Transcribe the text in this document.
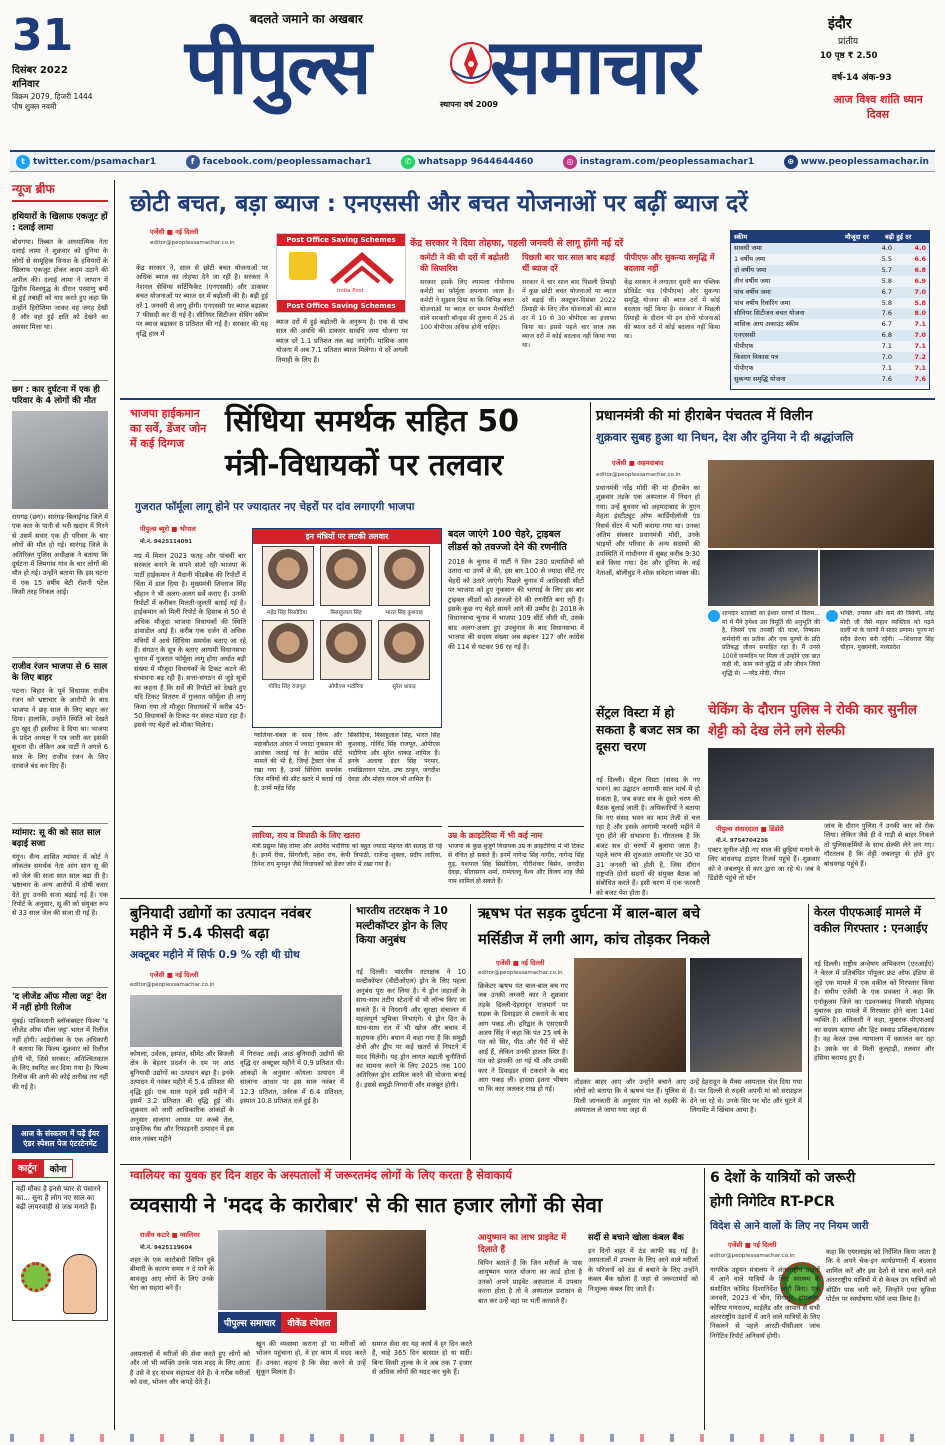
31
दिसंबर 2022
शनिवार
विक्रम 2079, हिजरी 1444
पौष शुक्ल नवमी
बदलते जमाने का अखबार
पीपुल्स समाचार
स्थापना वर्ष 2009
इंदौर
प्रांतीय
10 पृष्ठ ₹ 2.50
वर्ष-14 अंक-93
आज विश्व शांति ध्यान दिवस
t twitter.com/psamachar1	f facebook.com/peoplessamachar1	✆ whatsapp 9644644460	◎ instagram.com/peoplessamachar1	⊕ www.peoplessamachar.in
न्यूज ब्रीफ
हथियारों के खिलाफ एकजुट हों : दलाई लामा
बोधगया। तिब्बत के आध्यात्मिक नेता दलाई लामा ने शुक्रवार को दुनिया के लोगों से सामूहिक विनाश के हथियारों के खिलाफ एकजुट होकर कदम उठाने की अपील की। दलाई लामा ने जापान में द्वितीय विश्वयुद्ध के दौरान परमाणु बमों से हुई तबाही को याद करते हुए कहा कि उन्होंने हिरोशिमा जाकर वह जगह देखी है और वहां हुई क्षति को देखने का अवसर मिला था।
छग : कार दुर्घटना में एक ही परिवार के 4 लोगों की मौत
रायगढ़ (छग)। सारंगढ़-बिलाईगढ़ जिले में एक कार के पानी से भरी खदान में गिरने से उसमें सवार एक ही परिवार के चार लोगों की मौत हो गई। सारंगढ़ जिले के अतिरिक्त पुलिस अधीक्षक ने बताया कि दुर्घटना में लिमगांव गांव के चार लोगों की मौत हो गई। उन्होंने बताया कि इस घटना में एक 15 वर्षीय बेटी रोशनी पटेल किसी तरह निकल आई।
राजीव रंजन भाजपा से 6 साल के लिए बाहर
पटना। बिहार के पूर्व विधायक राजीव रंजन को भ्रष्टाचार के आरोपों के बाद भाजपा ने छह साल के लिए बाहर कर दिया। हालांकि, उन्होंने स्थिति को देखते हुए खुद ही इस्तीफा दे दिया था। भाजपा के प्रदेश अध्यक्ष ने पत्र जारी कर इसकी सूचना दी। लेकिन अब पार्टी ने अगले 6 साल के लिए राजीव रंजन के लिए दरवाजे बंद कर दिए हैं।
म्यांमार: सू की को सात साल बढ़ाई सजा
यंगून। सैन्य शासित म्यांमार में कोर्ट ने लोकतंत्र समर्थक नेता आंग सान सू की को जेल की सजा सात साल बढ़ा दी है। भ्रष्टाचार के अन्य आरोपों में दोषी करार देते हुए उनकी सजा बढ़ाई गई है। एक रिपोर्ट के अनुसार, सू की को संयुक्त रूप से 33 साल जेल की सजा दी गई है।
'द लीजेंड ऑफ मौला जट्ट' देश में नहीं होगी रिलीज
मुंबई। पाकिस्तानी ब्लॉकबस्टर फिल्म 'द लीजेंड ऑफ मौला जट्ट' भारत में रिलीज नहीं होगी। आईनॉक्स के एक अधिकारी ने बताया कि फिल्म शुक्रवार को रिलीज होनी थी, जिसे सरकार: अनिश्चितकाल के लिए स्थगित कर दिया गया है। फिल्म रिलीज की आगे की कोई तारीख तय नहीं की गई है।
आज के संस्करण में पढ़ें ईयर एंडर स्पेशल पेज एंटरटेनमेंट
कार्टून	कोना
वहीं मौका है इनसे प्यार से पसारने का... सुना है लोग नए साल का बढ़ी लापरवाही से जश्न मनाते हैं।
छोटी बचत, बड़ा ब्याज : एनएससी और बचत योजनाओं पर बढ़ीं ब्याज दरें
एजेंसी ■ नई दिल्ली
editor@peoplessamachar.co.in	Post Office Saving Schemes
India Post
Post Office Saving Schemes
केंद्र सरकार ने दिया तोहफा, पहली जनवरी से लागू होंगी नई दरें
केंद्र सरकार ने, साल से छोटी बचत योजनाओं पर अधिक ब्याज का तोहफा देने जा रही है। सरकार ने नेशनल सेविंग्स सर्टिफिकेट (एनएससी) और डाकघर बचत योजनाओं पर ब्याज दर में बढ़ोतरी की है। बढ़ी हुई दरें 1 जनवरी से लागू होंगी। एनएससी पर ब्याज बढ़ाकर 7 फीसदी कर दी गई है। सीनियर सिटीजन सेविंग स्कीम पर ब्याज बढ़ाकर 8 प्रतिशत की गई है। सरकार की यह वृद्धि हाल में
ब्याज दरों में हुई बढ़ोतरी के अनुरूप है। एक से पांच साल की अवधि की डाकघर सावधि जमा योजना पर ब्याज दरें 1.1 प्रतिशत तक बढ़ जाएंगी। मासिक आय योजना में अब 7.1 प्रतिशत ब्याज मिलेगा। ये दरें अगली तिमाही के लिए हैं।
कमेटी ने की थी दरों में बढ़ोतरी की सिफारिश
सरकार इसके लिए श्यामला गोपीनाथ कमेटी का फॉर्मूला अपनाया जाता है। कमेटी ने सुझाव दिया था कि विभिन्न बचत योजनाओं पर ब्याज दर समान मैच्योरिटी वाले सरकारी बॉन्ड्स की तुलना में 25 से 100 बीपीएस अधिक होनी चाहिए।
पिछली बार चार साल बाद बढ़ाई थीं ब्याज दरें
सरकार ने चार साल बाद पिछली तिमाही में कुछ छोटी बचत योजनाओं पर ब्याज दरें बढ़ाई थीं। अक्टूबर-दिसंबर 2022 तिमाही के लिए तीन योजनाओं की ब्याज दर में 10 से 30 बीपीएस का इजाफा किया था। इससे पहले चार साल तक ब्याज दरों में कोई बदलाव नहीं किया गया था।
पीपीएफ और सुकन्या समृद्धि में बदलाव नहीं
केंद्र सरकार ने लगातार दूसरी बार पब्लिक प्रोविडेंट फंड (पीपीएफ) और सुकन्या समृद्धि योजना की ब्याज दरों में कोई बदलाव नहीं किया है। सरकार ने पिछली तिमाही के दौरान भी इन दोनों योजनाओं की ब्याज दरों में कोई बदलाव नहीं किया था।
स्कीम	मौजूदा दर	बढ़ी हुई दर
सावधी जमा	4.0	4.0
1 वर्षीय जमा	5.5	6.6
दो वर्षीय जमा	5.7	6.8
तीन वर्षीय जमा	5.8	6.9
पांच वर्षीय जमा	6.7	7.0
पांच वर्षीय रिकरिंग जमा	5.8	5.8
सीनियर सिटीजन बचत योजना	7.6	8.0
मासिक आय अकाउंट स्कीम	6.7	7.1
एनएससी	6.8	7.0
पीपीएफ	7.1	7.1
किसान विकास पत्र	7.0	7.2
पीपीएफ	7.1	7.1
सुकन्या समृद्धि योजना	7.6	7.6
भाजपा हाईकमान का सर्वे, डेंजर जोन में कई दिग्गज
सिंधिया समर्थक सहित 50
मंत्री-विधायकों पर तलवार
गुजरात फॉर्मूला लागू होने पर ज्यादातर नए चेहरों पर दांव लगाएगी भाजपा
पीपुल्स ब्यूरो ■ भोपाल
मो.नं. 9425114091
मप्र में मिशन 2023 फतह और पांचवीं बार सरकार बनाने के सपने संजो रही भाजपा के पार्टी हाईकमान ने मैदानी फीडबैक की रिपोर्टों में चिंता में डाल दिया है। मुख्यमंत्री शिवराज सिंह चौहान ने भी अलग-अलग सर्वे कराए हैं। उनकी रिपोर्टों में करीबन मिलती-जुलती बताई गई है। हाईकमान को मिली रिपोर्ट के हिसाब से 50 से अधिक मौजूदा भाजपा विधायकों की स्थिति डांवाडोल आई है। करीब एक दर्जन से अधिक मंत्रियों में आधे सिंधिया समर्थक बताए जा रहे हैं। संगठन के सूत्र के बताए आगामी विधानसभा चुनाव में गुजरात फॉर्मूला लागू होगा अर्थात बड़ी संख्या में मौजूदा विधायकों के टिकट कटने की संभावना बढ़ रही है। सत्ता-संगठन से जुड़े सूत्रों का कहना है कि सर्वे की रिपोर्टों को देखते हुए यदि टिकट वितरण में गुजरात फॉर्मूला ही लागू किया गया तो मौजूदा विधायकों में करीब 45-50 विधायकों के टिकट पर संकट मंडरा रहा है। इससे नए चेहरों को मौका मिलेगा।
इन मंत्रियों पर लटकी तलवार
महेंद्र सिंह सिसोदिया	बिसाहूलाल सिंह	भारत सिंह कुशवाह
ओपीएस भदौरिया
गोविंद सिंह राजपूत	सुरेश धाकड़
ग्वालियर-चंबल के साथ विंध्य और महाकौशल अंचल में ज्यादा नुकसान की आशंका जताई गई है। कांग्रेस सीटें मामले की भी है, जिन्हें ट्रैक्टर चेक में रखा गया है, उनमें सिंधिया समर्थक जिन मंत्रियों की सीट खतरे में बताई गई है, उनमें महेंद्र सिंह
सिसोदिया, बिसाहूलाल सिंह, भारत सिंह कुशवाह, गोविंद सिंह राजपूत, ओपीएस भदौरिया और सुरेश धाकड़ शामिल हैं। इनके अलावा इंदर सिंह परमार, रामखिलावन पटेल, उषा ठाकुर, जगदीश देवड़ा और मोहन यादव भी शामिल हैं।
बदल जाएंगे 100 चेहरे, ट्राइबल लीडर्स को तवज्जो देने की रणनीति
2018 के चुनाव में पार्टी ने जिन 230 प्रत्याशियों को उतारा था उनमें से की, इस बार 100 से ज्यादा सीटें नए चेहरों को उतारे जाएंगे। पिछले चुनाव में आदिवासी सीटों पर भाजपा को हुए नुकसान की भरपाई के लिए इस बार ट्राइबल लीडरों को तवज्जो देने की रणनीति बना रही है। इसके कुछ नए चेहरे सामने आने की उम्मीद है। 2018 के विधानसभा चुनाव में भाजपा 109 सीटें जीती थी, उसके बाद अलग-अलग हुए उपचुनाव के बाद विधानसभा में भाजपा की सदस्य संख्या अब बढ़कर 127 और कांग्रेस की 114 से घटकर 96 रह गई है।
लारिया, राय व त्रिपाठी के लिए खतरा
मंत्री प्रद्युम्न सिंह तोमर और अरविंद भदौरिया को बहुत ज्यादा मेहनत की सलाह दी गई है। इनमें रीवा, सिंगरौली, महेश राय, केपी त्रिपाठी, राजेन्द्र शुक्ला, प्रदीप लारिया, दिनेश राय मुनमुन जैसे विधायकों को डेंजर जोन में रखा गया है।
उम्र के क्राइटेरिया में भी कई नाम
भाजपा के कुछ बुजुर्ग विधायक उम्र के क्राइटेरिया में भी टिकट से वंचित हो सकते हैं। इनमें नागेन्द्र सिंह नागौद, नागेन्द्र सिंह गुढ़, यशपाल सिंह सिसोदिया, गौरीशंकर बिसेन, जगदीश देवड़ा, सीतासरन शर्मा, रामलल्लू वैश्य और विजय शाह जैसे नाम शामिल हो सकते हैं।
प्रधानमंत्री की मां हीराबेन पंचतत्व में विलीन
शुक्रवार सुबह हुआ था निधन, देश और दुनिया ने दी श्रद्धांजलि
एजेंसी ■ अहमदाबाद
editor@peoplessamachar.co.in
प्रधानमंत्री नरेंद्र मोदी की मां हीराबेन का शुक्रवार तड़के एक अस्पताल में निधन हो गया। उन्हें बुधवार को अहमदाबाद के यूएन मेहता इंस्टीट्यूट ऑफ कार्डियोलॉजी एंड रिसर्च सेंटर में भर्ती कराया गया था। उनका अंतिम संस्कार प्रधानमंत्री मोदी, उनके भाइयों और परिवार के अन्य सदस्यों की उपस्थिति में गांधीनगर में सुबह करीब 9:30 बजे किया गया। देश और दुनिया के कई नेताओं, बॉलीवुड ने शोक संवेदना व्यक्त की।
शानदार शताब्दी का ईश्वर चरणों में विराम... मां में मैंने हमेशा उस त्रिमूर्ति की अनुभूति की है, जिसमें एक तपस्वी की यात्रा, निष्काम कर्मयोगी का प्रतीक और एक मूल्यों के प्रति प्रतिबद्ध जीवन समाहित रहा है। मैं उनसे 100वें जन्मदिन पर मिला तो उन्होंने एक बात कही थी, काम करो बुद्धि से और जीवन जियो शुद्धि से। —नरेंद्र मोदी, पीएम
भक्ति, तपस्या और कर्म की त्रिवेणी, नरेंद्र मोदी जी जैसे महान व्यक्तित्व को गढ़ने वाली मां के चरणों में सादर प्रणाम। पूज्य मां सदैव प्रेरणा बनी रहेंगी। —शिवराज सिंह चौहान, मुख्यमंत्री, मध्यप्रदेश
सेंट्रल विस्टा में हो सकता है बजट सत्र का दूसरा चरण
नई दिल्ली। सेंट्रल विस्टा (संसद के नए भवन) का उद्घाटन आगामी साल मार्च में हो सकता है, जब बजट सत्र के दूसरे चरण की बैठक बुलाई जाती है। अधिकारियों ने बताया कि नए संसद भवन का काम तेजी से चल रहा है और इसके आगामी फरवरी महीने में पूरा होने की संभावना है। गौरतलब है कि बजट सत्र दो चरणों में बुलाया जाता है। पहले चरण की शुरुआत आमतौर पर 30 या 31 जनवरी को होती है, जिस दौरान राष्ट्रपति दोनों सदनों की संयुक्त बैठक को संबोधित करते हैं। इसी चरण में एक फरवरी को बजट पेश होता है।
चेकिंग के दौरान पुलिस ने रोकी कार सुनील शेट्टी को देख लेने लगे सेल्फी
पीपुल्स संवाददाता ■ डिंडोरी
मो.नं. 9754704236
एक्टर सुनील शेट्टी नए साल की छुट्टियां मनाने के लिए बांधवगढ़ टाइगर रिजर्व पहुंचे हैं। शुक्रवार को वे जबलपुर से कार द्वारा जा रहे थे। जब वे डिंडोरी पहुंचे तो स्टेंन
जांच के दौरान पुलिस ने उनकी कार को रोक लिया। लेकिन जैसे ही वे गाड़ी से बाहर निकले तो पुलिसकर्मियों के साथ सेल्फी लेने लग गए। गौरतलब है कि शेट्टी जबलपुर से होते हुए बांधवगढ़ पहुंचे हैं।
बुनियादी उद्योगों का उत्पादन नवंबर महीने में 5.4 फीसदी बढ़ा
अक्टूबर महीने में सिर्फ 0.9 % रही थी ग्रोथ
एजेंसी ■ नई दिल्ली
editor@peoplessamachar.co.in
कोयला, उर्वरक, इस्पात, सीमेंट और बिजली क्षेत्र के बेहतर प्रदर्शन के दम पर आठ बुनियादी उद्योगों का उत्पादन बढ़ा है। इनके उत्पादन में नवंबर महीने में 5.4 प्रतिशत की वृद्धि हुई। एक साल पहले इसी महीने में इसमें 3.2 प्रतिशत की वृद्धि हुई थी। शुक्रवार को जारी आधिकारिक आंकड़ों के अनुसार सालाना आधार पर कच्चे तेल, प्राकृतिक गैस और रिफाइनरी उत्पादन में इस साल नवंबर महीने
में गिरावट आई। आठ बुनियादी उद्योगों की वृद्धि दर अक्टूबर महीने में 0.9 प्रतिशत थी। आंकड़ों के अनुसार कोयला उत्पादन में सालाना आधार पर इस साल नवंबर में 12.3 प्रतिशत, उर्वरक में 6.4 प्रतिशत, इस्पात 10.8 प्रतिशत दर्ज हुई है।
भारतीय तटरक्षक ने 10 मल्टीकॉप्टर ड्रोन के लिए किया अनुबंध
नई दिल्ली। भारतीय तटरक्षक ने 10 मल्टीकॉप्टर (वीटीओएल) ड्रोन के लिए पहला अनुबंध पूरा कर लिया है। ये ड्रोन जहाजों के साथ-साथ तटीय स्टेशनों से भी लॉन्च किए जा सकते हैं। ये निगरानी और सुरक्षा संचालन में महत्वपूर्ण भूमिका निभाएंगे। ये ड्रोन दिन के साथ-साथ रात में भी खोज और बचाव में सहायक होंगे। बयान में कहा गया है कि समुद्री क्षेत्रों और द्वीप पर कई खतरों से निपटने में मदद मिलेगी। यह ड्रोन लागत बढ़ाती चुनौतियों का सामना करने के लिए 2025 तक 100 अतिरिक्त ड्रोन शामिल करने की योजना बनाई है। इससे समुद्री निगरानी और मजबूत होगी।
ऋषभ पंत सड़क दुर्घटना में बाल-बाल बचे
मर्सिडीज में लगी आग, कांच तोड़कर निकले
एजेंसी ■ नई दिल्ली
editor@peoplessamachar.co.in
क्रिकेटर ऋषभ पंत बाल-बाल बच गए जब उनकी लग्जरी कार ने शुक्रवार तड़के दिल्ली-देहरादून राजमार्ग पर सड़क के डिवाइडर से टकराने के बाद आग पकड़ ली। हरिद्वार के एसएसपी अजय सिंह ने कहा कि पंत 25 वर्ष के पंत को सिर, पीठ और पैरों में चोटें आईं हैं, लेकिन उनकी हालत स्थिर है। पंत को झपकी आ गई थी और उनकी कार ने डिवाइडर से टकराने के बाद आग पकड़ ली। हादसा इतना भीषण था कि कार जलकर राख हो गई।
तोड़कर बाहर आए और उन्होंने बचाने आए लोगों को बताया कि वे ऋषभ पंत हैं। पुलिस से मिली जानकारी के अनुसार पंत को रुड़की के अस्पताल ले जाया गया जहां से
उन्हें देहरादून के मैक्स अस्पताल भेज दिया गया है। पंत दिल्ली से रुड़की अपनी मां को सरप्राइज देने जा रहे थे। उनके सिर पर चोट और घुटने में लिगामेंट में खिंचाव आया है।
केरल पीएफआई मामले में वकील गिरफ्तार : एनआईए
नई दिल्ली। राष्ट्रीय अन्वेषण अभिकरण (एनआईए) ने केरल में प्रतिबंधित पॉपुलर फ्रंट ऑफ इंडिया से जुड़े एक मामले में एक वकील को गिरफ्तार किया है। संघीय एजेंसी के एक प्रवक्ता ने कहा कि एर्नाकुलम जिले का एडवनक्कड़ निवासी मोहम्मद मुबारक इस मामले में गिरफ्तार होने वाला 14वां व्यक्ति है। अधिकारी ने कहा, मुबारक पीएफआई का सदस्य बताया और हिट स्क्वाड प्रशिक्षक/सदस्य है। वह केरल उच्च न्यायालय में वकालत कर रहा है। उसके घर से मिली कुल्हाड़ी, तलवार और हंसिया बरामद हुए हैं।
ग्वालियर का युवक हर दिन शहर के अस्पतालों में जरूरतमंद लोगों के लिए करता है सेवाकार्य
व्यवसायी ने 'मदद के कारोबार' से की सात हजार लोगों की सेवा
राजीव कटारे ■ ग्वालियर
मो.नं. 9425119604
शहर के एक कारोबारी विपिन दुबे बीमारी के कारण समय न दे पाने के बावजूद आए लोगों के लिए उनके घेरा का सहारा बने हैं।
पीपुल्स समाचार	वीकेंड स्पेशल
अस्पतालों में मरीजों की सेवा करते हुए लोगों को और जो भी व्यक्ति उनके पास मदद के लिए आता है उसे वे हर संभव सहायता देते हैं। वे गरीब मरीजों को दवा, भोजन और कपड़े देते हैं।
खून की व्यवस्था कराना हो या मरीजों को भोजन पहुंचाना हो, वे हर काम में मदद करते हैं। उनका कहना है कि सेवा करने से उन्हें सुकून मिलता है।
समाज सेवा का यह कार्य वे हर दिन करते हैं, चाहे 365 दिन बरसात हो या सर्दी। बिना किसी शुल्क के वे अब तक 7 हजार से अधिक लोगों की मदद कर चुके हैं।
आयुष्मान का लाभ प्राइवेट में दिलाते हैं
विपिन बताते हैं कि जिन मरीजों के पास आयुष्मान भारत योजना का कार्ड होता है उनको अपने प्राइवेट अस्पताल में उपचार करना होता है तो वे अस्पताल प्रशासन से बात कर उन्हें वहां पर भर्ती करवाते हैं।
सर्दी से बचाने खोला कंबल बैंक
इन दिनों शहर में ठंड काफी बढ़ गई है। अस्पतालों में उपचार के लिए आने वाले मरीजों के परिजनों को ठंड से बचाने के लिए उन्होंने कंबल बैंक खोला है जहां से जरूरतमंदों को निःशुल्क कंबल दिए जाते हैं।
6 देशों के यात्रियों को जरूरी
होगी निगेटिव RT-PCR
विदेश से आने वालों के लिए नए नियम जारी
एजेंसी ■ नई दिल्ली
editor@peoplessamachar.co.in
नागरिक उड्डयन मंत्रालय ने अंतरराष्ट्रीय उड़ानों में आने वाले यात्रियों के लिए स्वास्थ्य के संशोधित कोविड दिशानिर्देश जारी किए। एक जनवरी, 2023 से चीन, सिंगापुर, हांगकांग, कोरिया गणराज्य, थाईलैंड और जापान से सभी अंतरराष्ट्रीय उड़ानों में आने वाले यात्रियों के लिए निकलने से पहले आरटी-पीसीआर जांच निगेटिव रिपोर्ट अनिवार्य होगी।
कहा कि एयरलाइंस को निर्देशित किया जाता है कि वे अपने चेक-इन कार्यप्रणाली में बदलाव शामिल करें और इस देशों से यात्रा करने वाले अंतरराष्ट्रीय यात्रियों में से केवल उन यात्रियों को बोर्डिंग पास जारी करें, जिन्होंने एयर सुविधा पोर्टल पर स्वघोषणा फॉर्म जमा किया है।
